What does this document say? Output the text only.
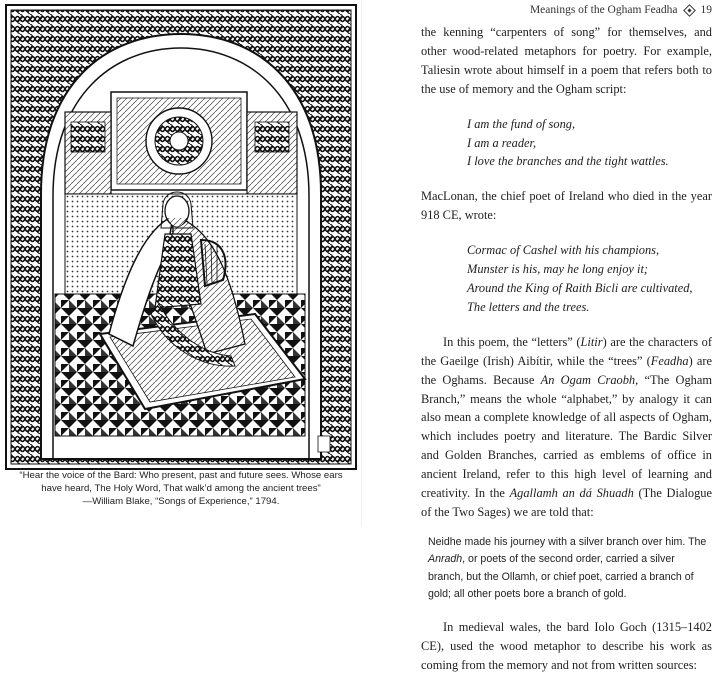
“Hear the voice of the Bard: Who present, past and future sees. Whose ears have heard, The Holy Word, That walk’d among the ancient trees”
—William Blake, “Songs of Experience,” 1794.
Meanings of the Ogham Feadha 19

the kenning “carpenters of song” for themselves, and other wood-related metaphors for poetry. For example, Taliesin wrote about himself in a poem that refers both to the use of memory and the Ogham script:

I am the fund of song,
I am a reader,
I love the branches and the tight wattles.

MacLonan, the chief poet of Ireland who died in the year 918 CE, wrote:

Cormac of Cashel with his champions,
Munster is his, may he long enjoy it;
Around the King of Raith Bicli are cultivated,
The letters and the trees.

In this poem, the “letters” (Litir) are the characters of the Gaeilge (Irish) Aibítir, while the “trees” (Feadha) are the Oghams. Because An Ogam Craobh, “The Ogham Branch,” means the whole “alphabet,” by analogy it can also mean a complete knowledge of all aspects of Ogham, which includes poetry and literature. The Bardic Silver and Golden Branches, carried as emblems of office in ancient Ireland, refer to this high level of learning and creativity. In the Agallamh an dá Shuadh (The Dialogue of the Two Sages) we are told that:

Neidhe made his journey with a silver branch over him. The Anradh, or poets of the second order, carried a silver branch, but the Ollamh, or chief poet, carried a branch of gold; all other poets bore a branch of gold.

In medieval wales, the bard Iolo Goch (1315–1402 CE), used the wood metaphor to describe his work as coming from the memory and not from written sources:
